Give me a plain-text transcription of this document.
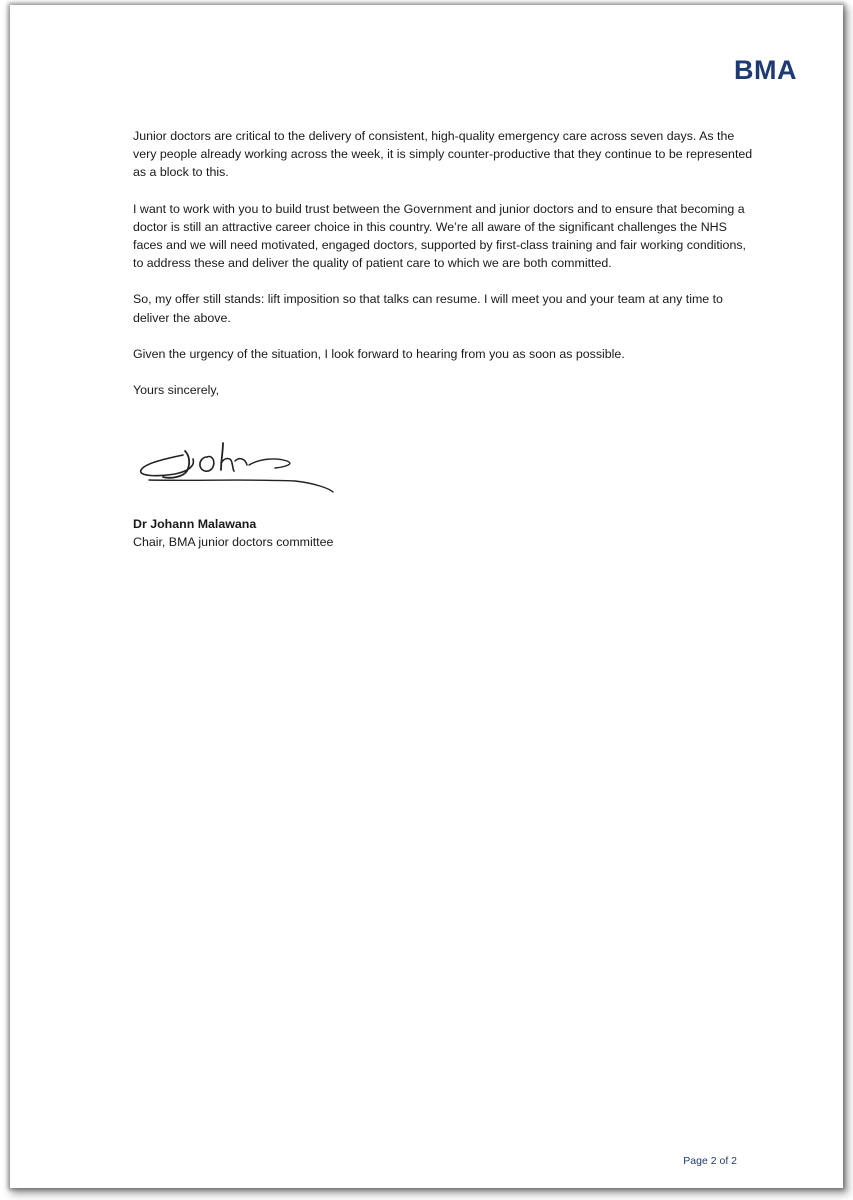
BMA

Junior doctors are critical to the delivery of consistent, high-quality emergency care across seven days. As the very people already working across the week, it is simply counter-productive that they continue to be represented as a block to this.

I want to work with you to build trust between the Government and junior doctors and to ensure that becoming a doctor is still an attractive career choice in this country. We’re all aware of the significant challenges the NHS faces and we will need motivated, engaged doctors, supported by first-class training and fair working conditions, to address these and deliver the quality of patient care to which we are both committed.

So, my offer still stands: lift imposition so that talks can resume. I will meet you and your team at any time to deliver the above.

Given the urgency of the situation, I look forward to hearing from you as soon as possible.

Yours sincerely,

Dr Johann Malawana
Chair, BMA junior doctors committee
Page 2 of 2
